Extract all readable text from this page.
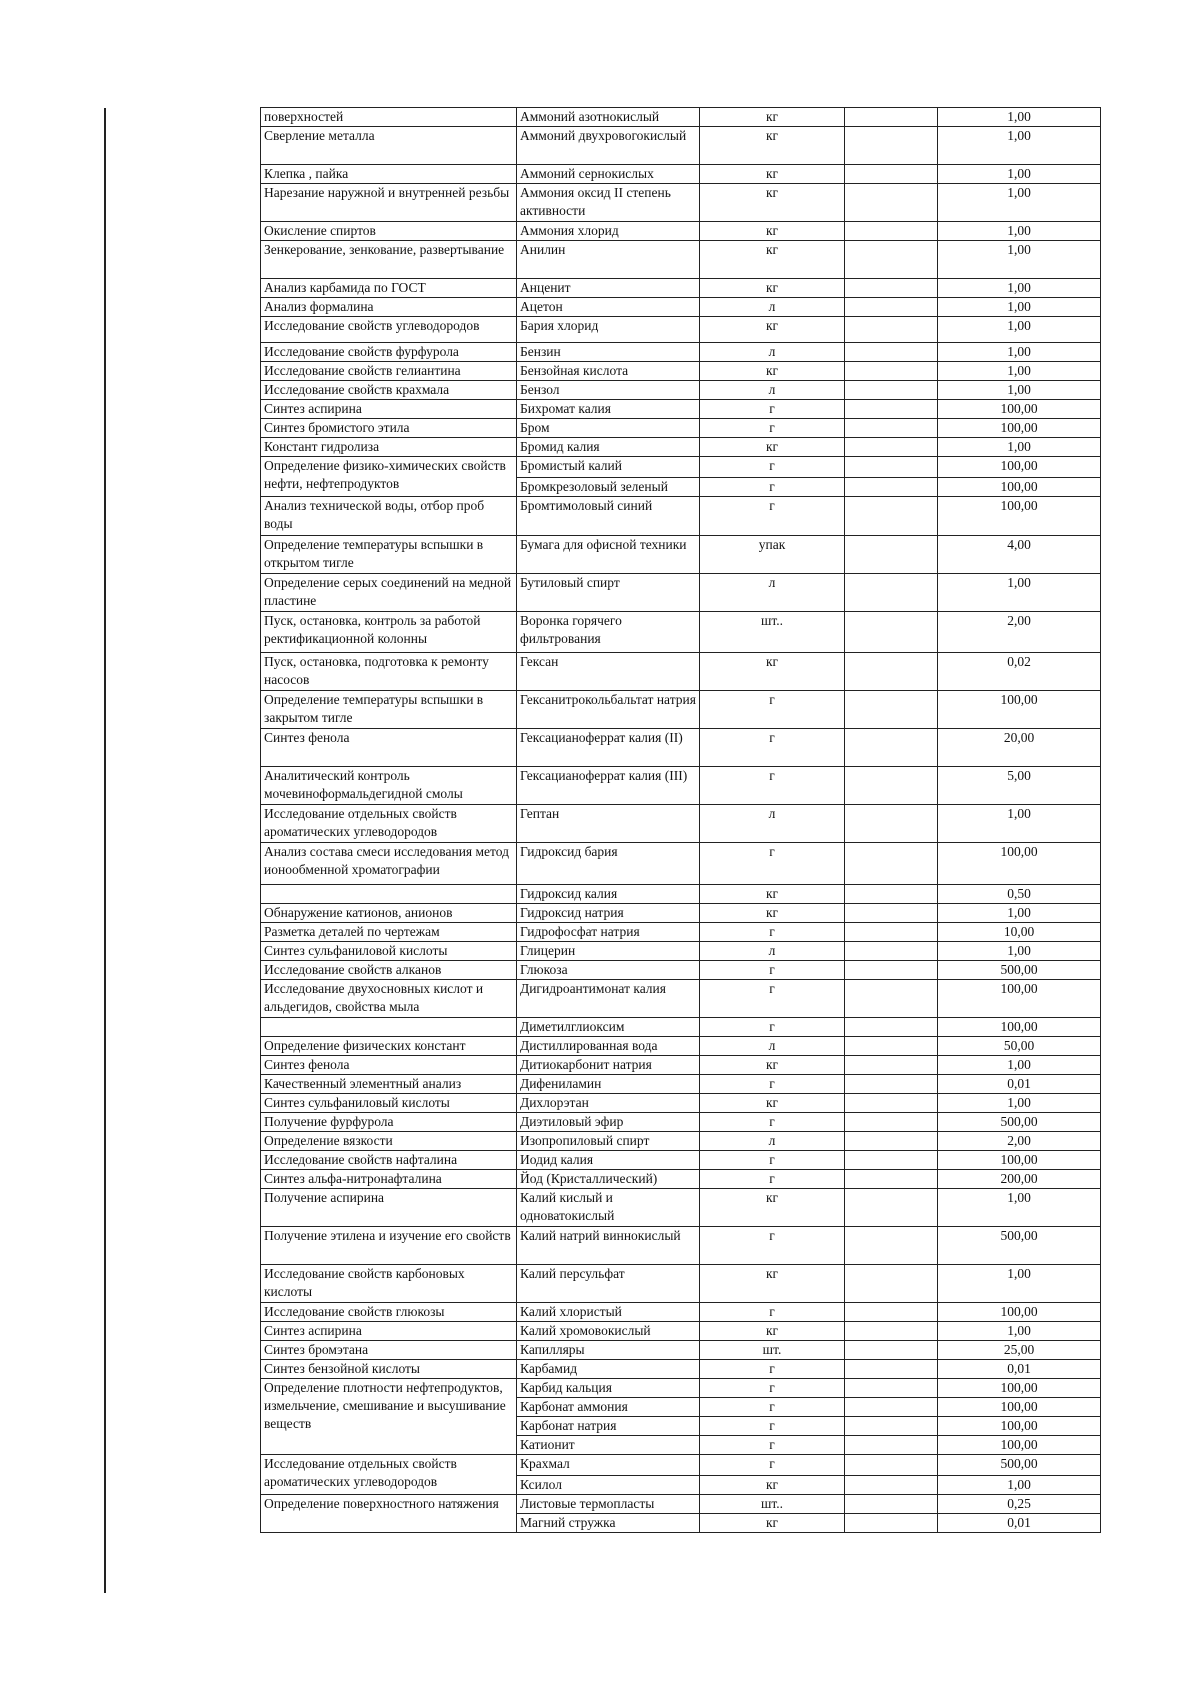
поверхностей	Аммоний азотнокислый	кг		1,00
Сверление металла	Аммоний двухровогокислый	кг		1,00
Клепка , пайка	Аммоний сернокислых	кг		1,00
Нарезание наружной и внутренней резьбы	Аммония оксид II степень активности	кг		1,00
Окисление спиртов	Аммония хлорид	кг		1,00
Зенкерование, зенкование, развертывание	Анилин	кг		1,00
Анализ карбамида по ГОСТ	Анценит	кг		1,00
Анализ формалина	Ацетон	л		1,00
Исследование свойств углеводородов	Бария хлорид	кг		1,00
Исследование свойств фурфурола	Бензин	л		1,00
Исследование свойств гелиантина	Бензойная кислота	кг		1,00
Исследование свойств крахмала	Бензол	л		1,00
Синтез аспирина	Бихромат калия	г		100,00
Синтез бромистого этила	Бром	г		100,00
Констант гидролиза	Бромид калия	кг		1,00
Определение физико-химических свойств нефти, нефтепродуктов	Бромистый калий	г		100,00
	Бромкрезоловый зеленый	г		100,00
Анализ технической воды, отбор проб воды	Бромтимоловый синий	г		100,00
Определение температуры вспышки в открытом тигле	Бумага для офисной техники	упак		4,00
Определение серых соединений на медной пластине	Бутиловый спирт	л		1,00
Пуск, остановка, контроль за работой ректификационной колонны	Воронка горячего фильтрования	шт..		2,00
Пуск, остановка, подготовка к ремонту насосов	Гексан	кг		0,02
Определение температуры вспышки в закрытом тигле	Гексанитрокольбальтат натрия	г		100,00
Синтез фенола	Гексацианоферрат калия (II)	г		20,00
Аналитический контроль мочевиноформальдегидной смолы	Гексацианоферрат калия (III)	г		5,00
Исследование отдельных свойств ароматических углеводородов	Гептан	л		1,00
Анализ состава смеси исследования метод ионообменной хроматографии	Гидроксид бария	г		100,00
	Гидроксид калия	кг		0,50
Обнаружение катионов, анионов	Гидроксид натрия	кг		1,00
Разметка деталей по чертежам	Гидрофосфат натрия	г		10,00
Синтез сульфаниловой кислоты	Глицерин	л		1,00
Исследование свойств алканов	Глюкоза	г		500,00
Исследование двухосновных кислот и альдегидов, свойства мыла	Дигидроантимонат калия	г		100,00
	Диметилглиоксим	г		100,00
Определение физических констант	Дистиллированная вода	л		50,00
Синтез фенола	Дитиокарбонит натрия	кг		1,00
Качественный элементный анализ	Дифениламин	г		0,01
Синтез сульфаниловый кислоты	Дихлорэтан	кг		1,00
Получение фурфурола	Диэтиловый эфир	г		500,00
Определение вязкости	Изопропиловый спирт	л		2,00
Исследование свойств нафталина	Иодид калия	г		100,00
Синтез альфа-нитронафталина	Йод (Кристаллический)	г		200,00
Получение аспирина	Калий кислый и одноватокислый	кг		1,00
Получение этилена и изучение его свойств	Калий натрий виннокислый	г		500,00
Исследование свойств карбоновых кислоты	Калий персульфат	кг		1,00
Исследование свойств глюкозы	Калий хлористый	г		100,00
Синтез аспирина	Калий хромовокислый	кг		1,00
Синтез бромэтана	Капилляры	шт.		25,00
Синтез бензойной кислоты	Карбамид	г		0,01
Определение плотности нефтепродуктов, измельчение, смешивание и высушивание веществ	Карбид кальция	г		100,00
	Карбонат аммония	г		100,00
	Карбонат натрия	г		100,00
	Катионит	г		100,00
Исследование отдельных свойств ароматических углеводородов	Крахмал	г		500,00
	Ксилол	кг		1,00
Определение поверхностного натяжения	Листовые термопласты	шт..		0,25
	Магний стружка	кг		0,01
